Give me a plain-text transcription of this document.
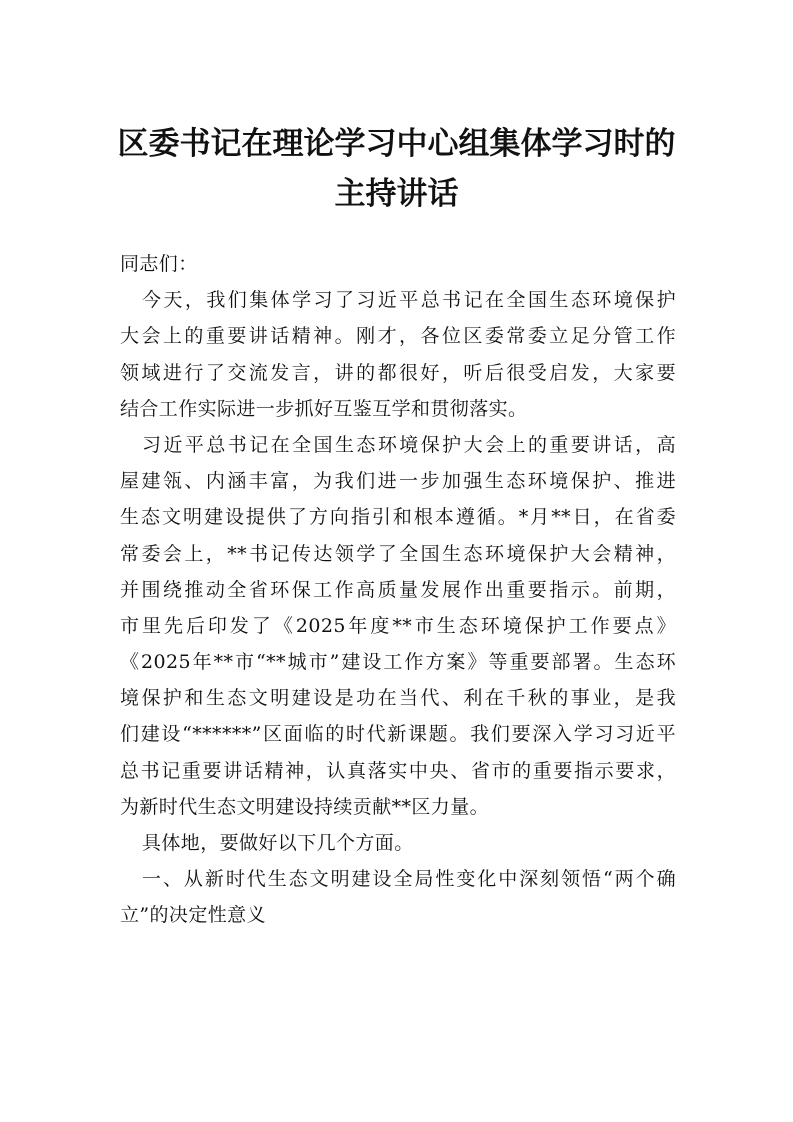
区委书记在理论学习中心组集体学习时的
主持讲话
同志们：
今天，我们集体学习了习近平总书记在全国生态环境保护
大会上的重要讲话精神。刚才，各位区委常委立足分管工作
领域进行了交流发言，讲的都很好，听后很受启发，大家要
结合工作实际进一步抓好互鉴互学和贯彻落实。
习近平总书记在全国生态环境保护大会上的重要讲话，高
屋建瓴、内涵丰富，为我们进一步加强生态环境保护、推进
生态文明建设提供了方向指引和根本遵循。*月**日，在省委
常委会上，**书记传达领学了全国生态环境保护大会精神，
并围绕推动全省环保工作高质量发展作出重要指示。前期，
市里先后印发了《2025年度**市生态环境保护工作要点》
《2025年**市“**城市”建设工作方案》等重要部署。生态环
境保护和生态文明建设是功在当代、利在千秋的事业，是我
们建设“******”区面临的时代新课题。我们要深入学习习近平
总书记重要讲话精神，认真落实中央、省市的重要指示要求，
为新时代生态文明建设持续贡献**区力量。
具体地，要做好以下几个方面。
一、从新时代生态文明建设全局性变化中深刻领悟“两个确
立”的决定性意义
